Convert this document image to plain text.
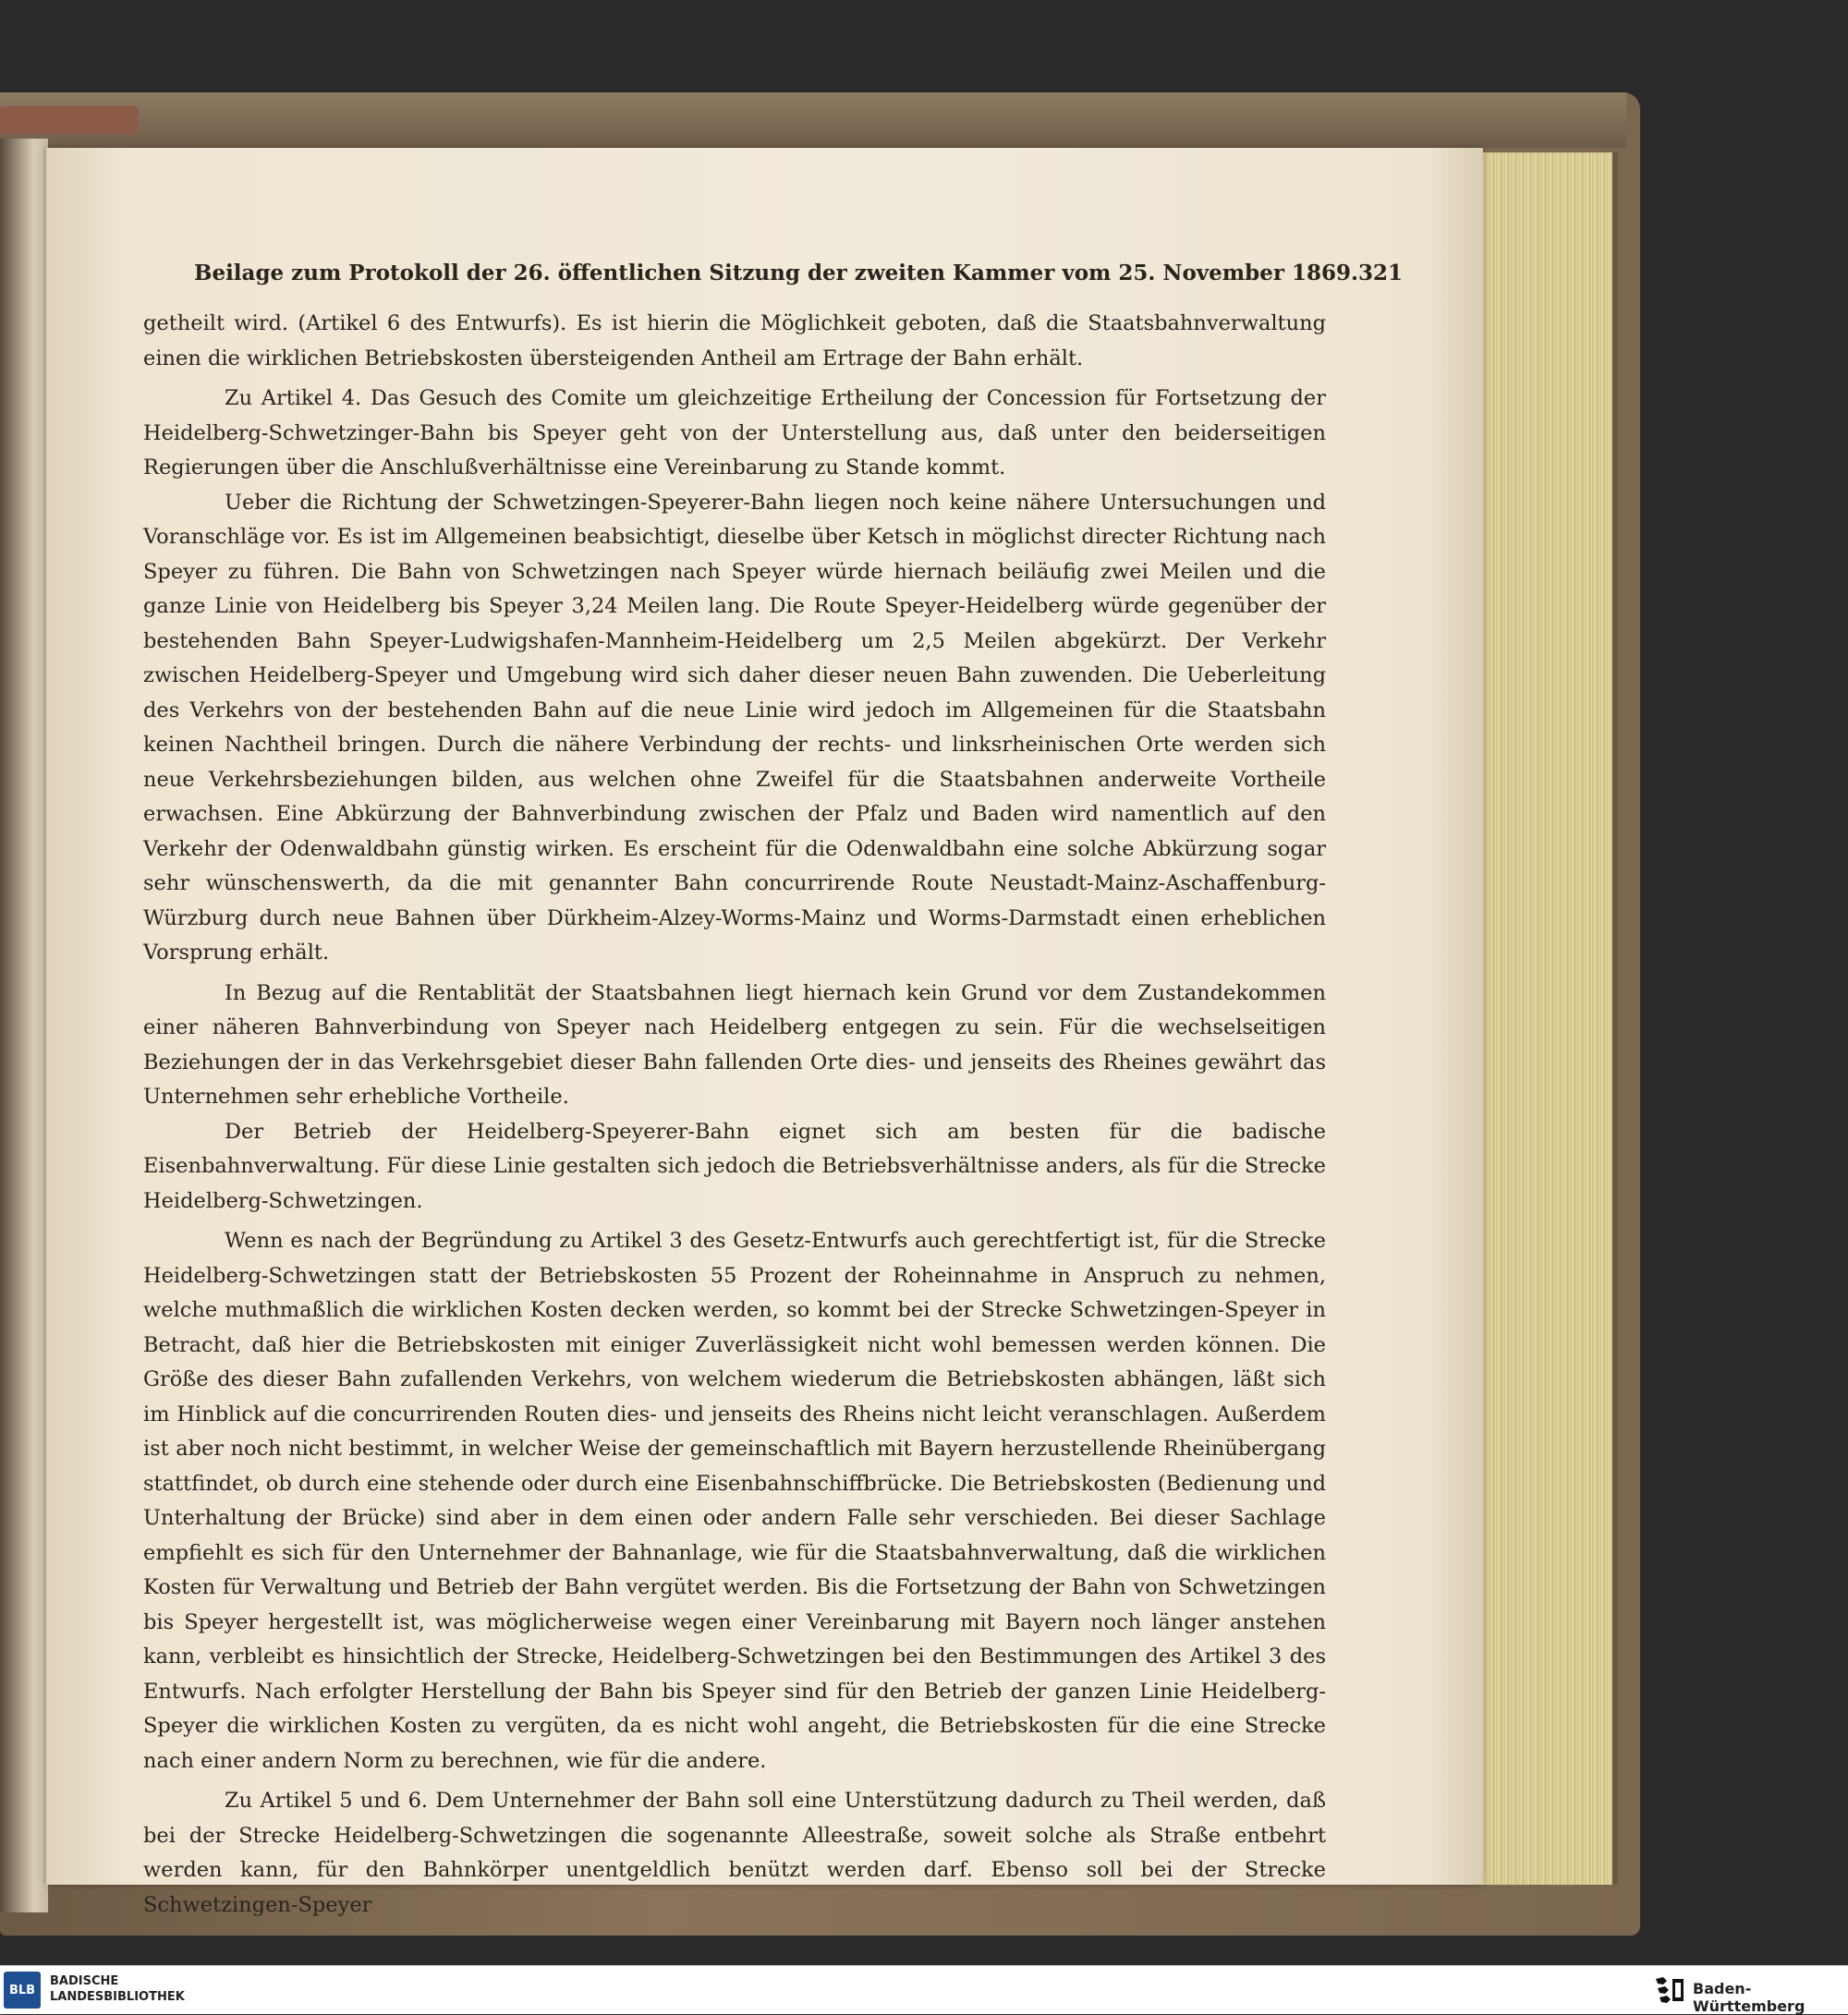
Beilage zum Protokoll der 26. öffentlichen Sitzung der zweiten Kammer vom 25. November 1869. 321

getheilt wird. (Artikel 6 des Entwurfs). Es ist hierin die Möglichkeit geboten, daß die Staatsbahnverwaltung einen die wirklichen Betriebskosten übersteigenden Antheil am Ertrage der Bahn erhält.

Zu Artikel 4. Das Gesuch des Comite um gleichzeitige Ertheilung der Concession für Fortsetzung der Heidelberg-Schwetzinger-Bahn bis Speyer geht von der Unterstellung aus, daß unter den beiderseitigen Regierungen über die Anschlußverhältnisse eine Vereinbarung zu Stande kommt.

Ueber die Richtung der Schwetzingen-Speyerer-Bahn liegen noch keine nähere Untersuchungen und Voranschläge vor. Es ist im Allgemeinen beabsichtigt, dieselbe über Ketsch in möglichst directer Richtung nach Speyer zu führen. Die Bahn von Schwetzingen nach Speyer würde hiernach beiläufig zwei Meilen und die ganze Linie von Heidelberg bis Speyer 3,24 Meilen lang. Die Route Speyer-Heidelberg würde gegenüber der bestehenden Bahn Speyer-Ludwigshafen-Mannheim-Heidelberg um 2,5 Meilen abgekürzt. Der Verkehr zwischen Heidelberg-Speyer und Umgebung wird sich daher dieser neuen Bahn zuwenden. Die Ueberleitung des Verkehrs von der bestehenden Bahn auf die neue Linie wird jedoch im Allgemeinen für die Staatsbahn keinen Nachtheil bringen. Durch die nähere Verbindung der rechts- und linksrheinischen Orte werden sich neue Verkehrsbeziehungen bilden, aus welchen ohne Zweifel für die Staatsbahnen anderweite Vortheile erwachsen. Eine Abkürzung der Bahnverbindung zwischen der Pfalz und Baden wird namentlich auf den Verkehr der Odenwaldbahn günstig wirken. Es erscheint für die Odenwaldbahn eine solche Abkürzung sogar sehr wünschenswerth, da die mit genannter Bahn concurrirende Route Neustadt-Mainz-Aschaffenburg-Würzburg durch neue Bahnen über Dürkheim-Alzey-Worms-Mainz und Worms-Darmstadt einen erheblichen Vorsprung erhält.

In Bezug auf die Rentablität der Staatsbahnen liegt hiernach kein Grund vor dem Zustandekommen einer näheren Bahnverbindung von Speyer nach Heidelberg entgegen zu sein. Für die wechselseitigen Beziehungen der in das Verkehrsgebiet dieser Bahn fallenden Orte dies- und jenseits des Rheines gewährt das Unternehmen sehr erhebliche Vortheile.

Der Betrieb der Heidelberg-Speyerer-Bahn eignet sich am besten für die badische Eisenbahnverwaltung. Für diese Linie gestalten sich jedoch die Betriebsverhältnisse anders, als für die Strecke Heidelberg-Schwetzingen.

Wenn es nach der Begründung zu Artikel 3 des Gesetz-Entwurfs auch gerechtfertigt ist, für die Strecke Heidelberg-Schwetzingen statt der Betriebskosten 55 Prozent der Roheinnahme in Anspruch zu nehmen, welche muthmaßlich die wirklichen Kosten decken werden, so kommt bei der Strecke Schwetzingen-Speyer in Betracht, daß hier die Betriebskosten mit einiger Zuverlässigkeit nicht wohl bemessen werden können. Die Größe des dieser Bahn zufallenden Verkehrs, von welchem wiederum die Betriebskosten abhängen, läßt sich im Hinblick auf die concurrirenden Routen dies- und jenseits des Rheins nicht leicht veranschlagen. Außerdem ist aber noch nicht bestimmt, in welcher Weise der gemeinschaftlich mit Bayern herzustellende Rheinübergang stattfindet, ob durch eine stehende oder durch eine Eisenbahnschiffbrücke. Die Betriebskosten (Bedienung und Unterhaltung der Brücke) sind aber in dem einen oder andern Falle sehr verschieden. Bei dieser Sachlage empfiehlt es sich für den Unternehmer der Bahnanlage, wie für die Staatsbahnverwaltung, daß die wirklichen Kosten für Verwaltung und Betrieb der Bahn vergütet werden. Bis die Fortsetzung der Bahn von Schwetzingen bis Speyer hergestellt ist, was möglicherweise wegen einer Vereinbarung mit Bayern noch länger anstehen kann, verbleibt es hinsichtlich der Strecke, Heidelberg-Schwetzingen bei den Bestimmungen des Artikel 3 des Entwurfs. Nach erfolgter Herstellung der Bahn bis Speyer sind für den Betrieb der ganzen Linie Heidelberg-Speyer die wirklichen Kosten zu vergüten, da es nicht wohl angeht, die Betriebskosten für die eine Strecke nach einer andern Norm zu berechnen, wie für die andere.

Zu Artikel 5 und 6. Dem Unternehmer der Bahn soll eine Unterstützung dadurch zu Theil werden, daß bei der Strecke Heidelberg-Schwetzingen die sogenannte Alleestraße, soweit solche als Straße entbehrt werden kann, für den Bahnkörper unentgeldlich benützt werden darf. Ebenso soll bei der Strecke Schwetzingen-Speyer

BLB
BADISCHE
LANDESBIBLIOTHEK	Baden-Württemberg
